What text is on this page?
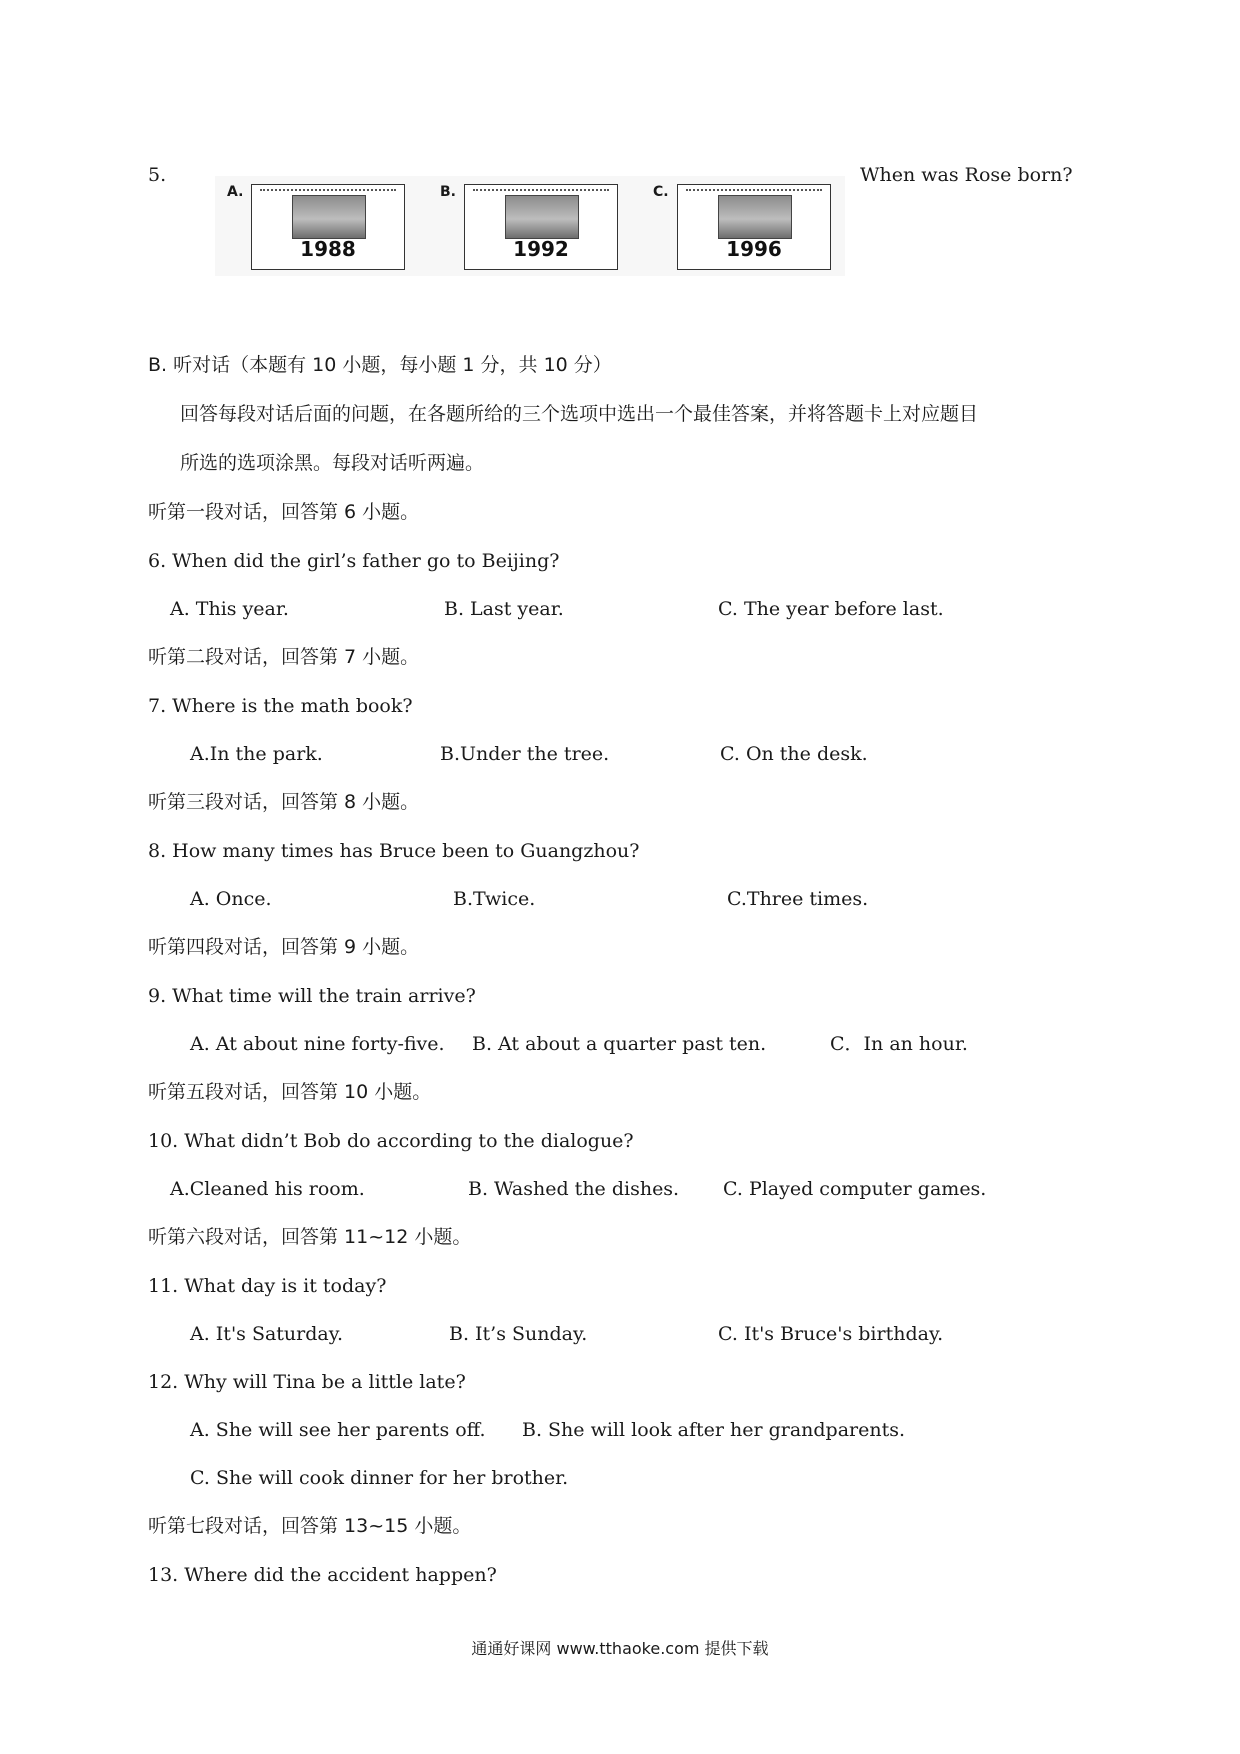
5.	When was Rose born?
A.
1988
B.
1992
C.
1996
B. 听对话（本题有 10 小题，每小题 1 分，共 10 分）
回答每段对话后面的问题，在各题所给的三个选项中选出一个最佳答案，并将答题卡上对应题目
所选的选项涂黑。每段对话听两遍。
听第一段对话，回答第 6 小题。
6. When did the girl’s father go to Beijing?
A. This year.	B. Last year.	C. The year before last.
听第二段对话，回答第 7 小题。
7. Where is the math book?
A.In the park.	B.Under the tree.	C. On the desk.
听第三段对话，回答第 8 小题。
8. How many times has Bruce been to Guangzhou?
A. Once.	B.Twice.	C.Three times.
听第四段对话，回答第 9 小题。
9. What time will the train arrive?
A. At about nine forty-five. B. At about a quarter past ten.	C．In an hour.
听第五段对话，回答第 10 小题。
10. What didn’t Bob do according to the dialogue?
A.Cleaned his room.	B. Washed the dishes. C. Played computer games.
听第六段对话，回答第 11~12 小题。
11. What day is it today?
A. It's Saturday.	B. It’s Sunday.	C. It's Bruce's birthday.
12. Why will Tina be a little late?
A. She will see her parents off. B. She will look after her grandparents.
C. She will cook dinner for her brother.
听第七段对话，回答第 13~15 小题。
13. Where did the accident happen?
通通好课网 www.tthaoke.com 提供下载
